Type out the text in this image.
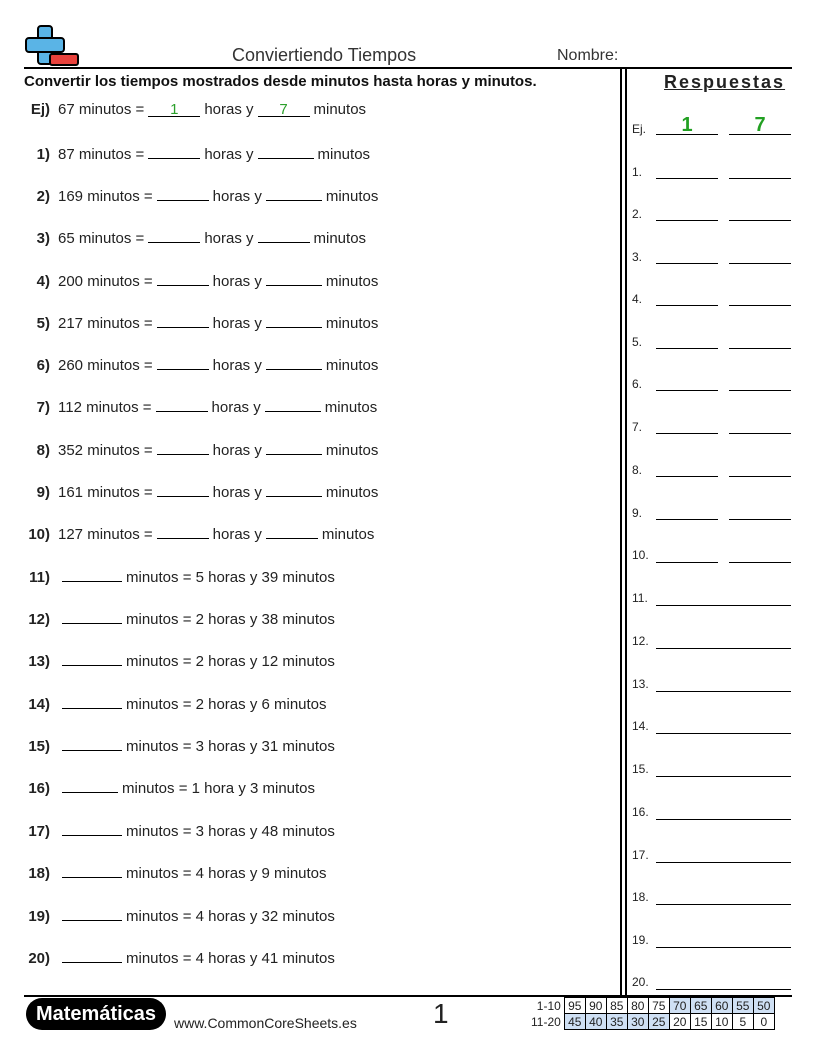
Conviertiendo Tiempos	Nombre:
Convertir los tiempos mostrados desde minutos hasta horas y minutos.	Respuestas
Ej) 67 minutos =	1	horas y	7	minutos
1) 87 minutos =	horas y	minutos
2) 169 minutos =	horas y	minutos
3) 65 minutos =	horas y	minutos
4) 200 minutos =	horas y	minutos
5) 217 minutos =	horas y	minutos
6) 260 minutos =	horas y	minutos
7) 112 minutos =	horas y	minutos
8) 352 minutos =	horas y	minutos
9) 161 minutos =	horas y	minutos
10) 127 minutos =	horas y	minutos
11)	minutos = 5 horas y 39 minutos
12)	minutos = 2 horas y 38 minutos
13)	minutos = 2 horas y 12 minutos
14)	minutos = 2 horas y 6 minutos
15)	minutos = 3 horas y 31 minutos
16)	minutos = 1 hora y 3 minutos
17)	minutos = 3 horas y 48 minutos
18)	minutos = 4 horas y 9 minutos
19)	minutos = 4 horas y 32 minutos
20)	minutos = 4 horas y 41 minutos
Ej.	1	7
1.
2.
3.
4.
5.
6.
7.
8.
9.
10.
11.
12.
13.
14.
15.
16.
17.
18.
19.
20.
Matemáticas	www.CommonCoreSheets.es	1	1-10	95	90	85	80	75	70	65	60	55	50
11-20	45	40	35	30	25	20	15	10	5	0
